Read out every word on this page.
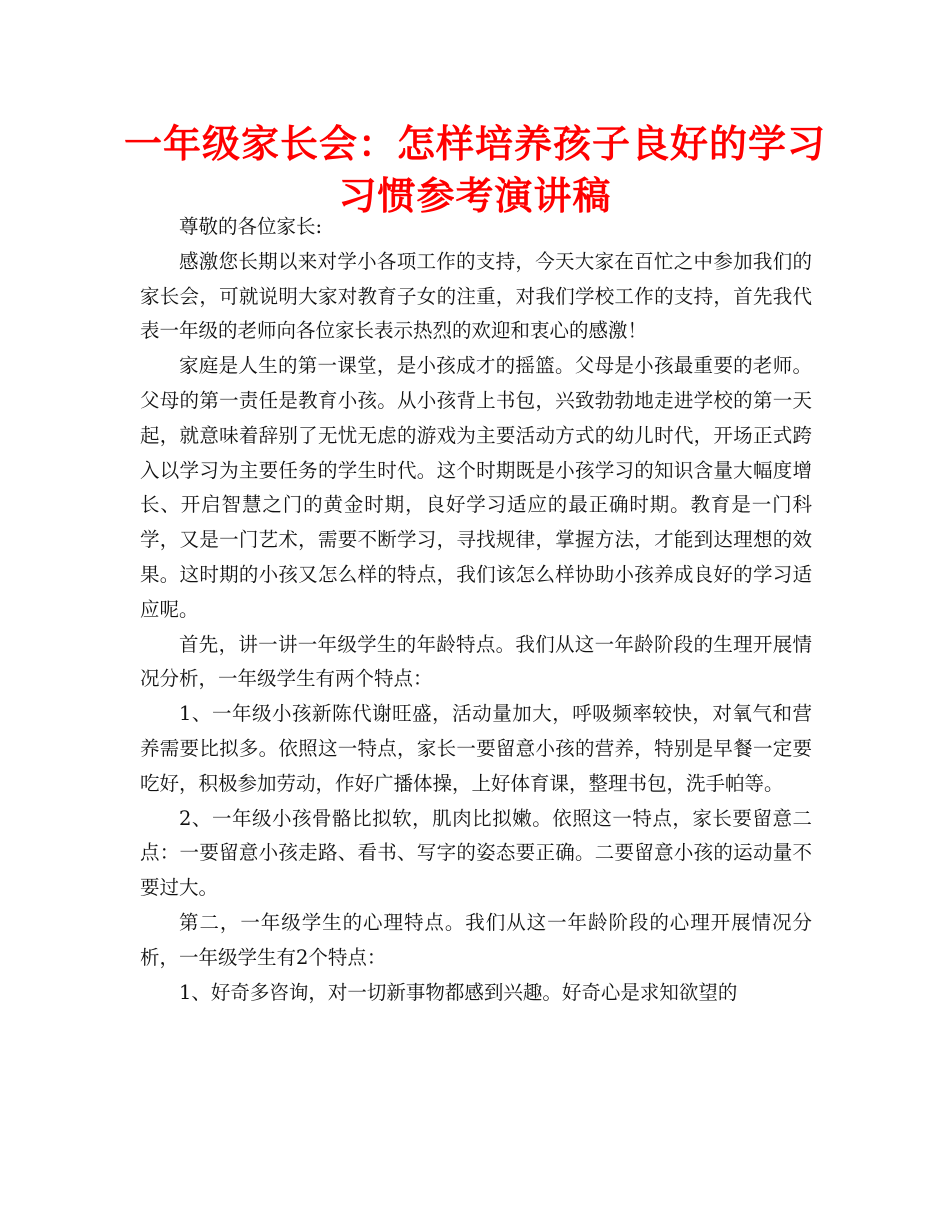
一年级家长会：怎样培养孩子良好的学习习惯参考演讲稿

尊敬的各位家长:

感激您长期以来对学小各项工作的支持，今天大家在百忙之中参加我们的家长会，可就说明大家对教育子女的注重，对我们学校工作的支持，首先我代表一年级的老师向各位家长表示热烈的欢迎和衷心的感激！

家庭是人生的第一课堂，是小孩成才的摇篮。父母是小孩最重要的老师。父母的第一责任是教育小孩。从小孩背上书包，兴致勃勃地走进学校的第一天起，就意味着辞别了无忧无虑的游戏为主要活动方式的幼儿时代，开场正式跨入以学习为主要任务的学生时代。这个时期既是小孩学习的知识含量大幅度增长、开启智慧之门的黄金时期，良好学习适应的最正确时期。教育是一门科学，又是一门艺术，需要不断学习，寻找规律，掌握方法，才能到达理想的效果。这时期的小孩又怎么样的特点，我们该怎么样协助小孩养成良好的学习适应呢。

首先，讲一讲一年级学生的年龄特点。我们从这一年龄阶段的生理开展情况分析，一年级学生有两个特点：

1、一年级小孩新陈代谢旺盛，活动量加大，呼吸频率较快，对氧气和营养需要比拟多。依照这一特点，家长一要留意小孩的营养，特别是早餐一定要吃好，积极参加劳动，作好广播体操，上好体育课，整理书包，洗手帕等。

2、一年级小孩骨骼比拟软，肌肉比拟嫩。依照这一特点，家长要留意二点：一要留意小孩走路、看书、写字的姿态要正确。二要留意小孩的运动量不要过大。

第二，一年级学生的心理特点。我们从这一年龄阶段的心理开展情况分析，一年级学生有2个特点：

1、好奇多咨询，对一切新事物都感到兴趣。好奇心是求知欲望的
